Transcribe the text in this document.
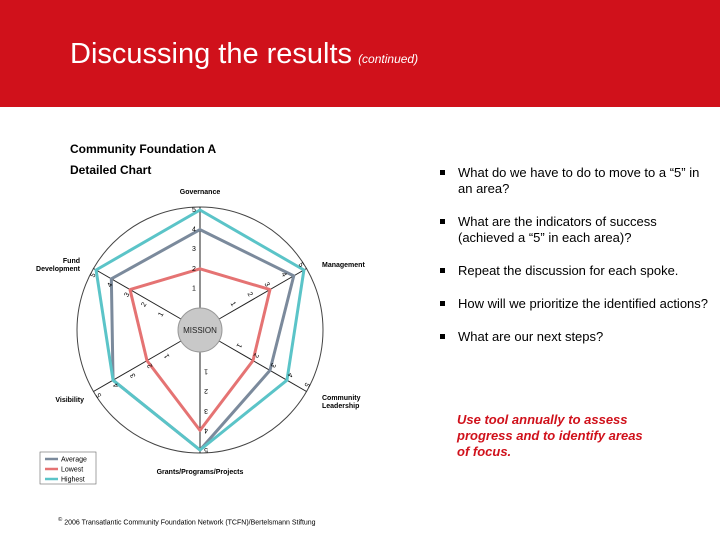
Discussing the results (continued)
Community Foundation A
Detailed Chart
MISSION
1
2
3
4
5
1
2
3
4
5
1
2
3
4
5
1
2
3
4
5
1
2
3
4
5
1
2
3
4
5
Governance
Management
Community
Leadership
Grants/Programs/Projects
Visibility
Fund
Development
Average
Lowest
Highest
What do we have to do to move to a “5” in an area?
What are the indicators of success (achieved a “5” in each area)?
Repeat the discussion for each spoke.
How will we prioritize the identified actions?
What are our next steps?
Use tool annually to assess progress and to identify areas of focus.
© 2006 Transatlantic Community Foundation Network (TCFN)/Bertelsmann Stiftung
